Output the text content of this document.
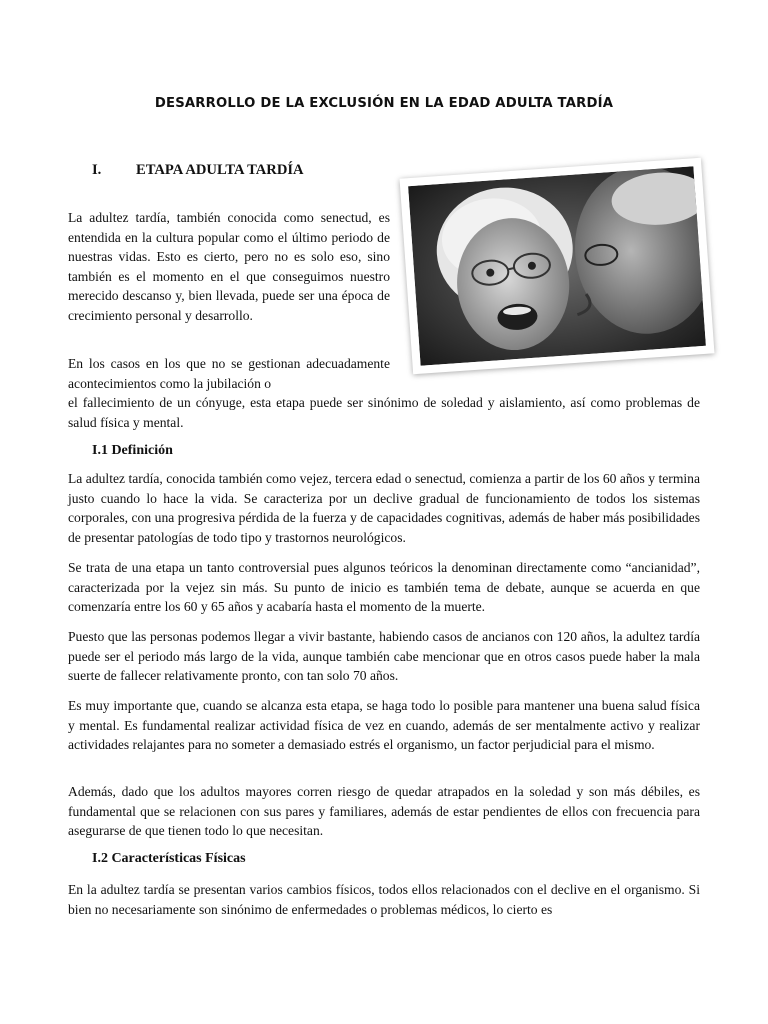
DESARROLLO DE LA EXCLUSIÓN EN LA EDAD ADULTA TARDÍA
I. ETAPA ADULTA TARDÍA

La adultez tardía, también conocida como senectud, es entendida en la cultura popular como el último periodo de nuestras vidas. Esto es cierto, pero no es solo eso, sino también es el momento en el que conseguimos nuestro merecido descanso y, bien llevada, puede ser una época de crecimiento personal y desarrollo.

En los casos en los que no se gestionan adecuadamente acontecimientos como la jubilación o

el fallecimiento de un cónyuge, esta etapa puede ser sinónimo de soledad y aislamiento, así como problemas de salud física y mental.

I.1 Definición

La adultez tardía, conocida también como vejez, tercera edad o senectud, comienza a partir de los 60 años y termina justo cuando lo hace la vida. Se caracteriza por un declive gradual de funcionamiento de todos los sistemas corporales, con una progresiva pérdida de la fuerza y de capacidades cognitivas, además de haber más posibilidades de presentar patologías de todo tipo y trastornos neurológicos.

Se trata de una etapa un tanto controversial pues algunos teóricos la denominan directamente como “ancianidad”, caracterizada por la vejez sin más. Su punto de inicio es también tema de debate, aunque se acuerda en que comenzaría entre los 60 y 65 años y acabaría hasta el momento de la muerte.

Puesto que las personas podemos llegar a vivir bastante, habiendo casos de ancianos con 120 años, la adultez tardía puede ser el periodo más largo de la vida, aunque también cabe mencionar que en otros casos puede haber la mala suerte de fallecer relativamente pronto, con tan solo 70 años.

Es muy importante que, cuando se alcanza esta etapa, se haga todo lo posible para mantener una buena salud física y mental. Es fundamental realizar actividad física de vez en cuando, además de ser mentalmente activo y realizar actividades relajantes para no someter a demasiado estrés el organismo, un factor perjudicial para el mismo.

Además, dado que los adultos mayores corren riesgo de quedar atrapados en la soledad y son más débiles, es fundamental que se relacionen con sus pares y familiares, además de estar pendientes de ellos con frecuencia para asegurarse de que tienen todo lo que necesitan.

I.2 Características Físicas

En la adultez tardía se presentan varios cambios físicos, todos ellos relacionados con el declive en el organismo. Si bien no necesariamente son sinónimo de enfermedades o problemas médicos, lo cierto es
